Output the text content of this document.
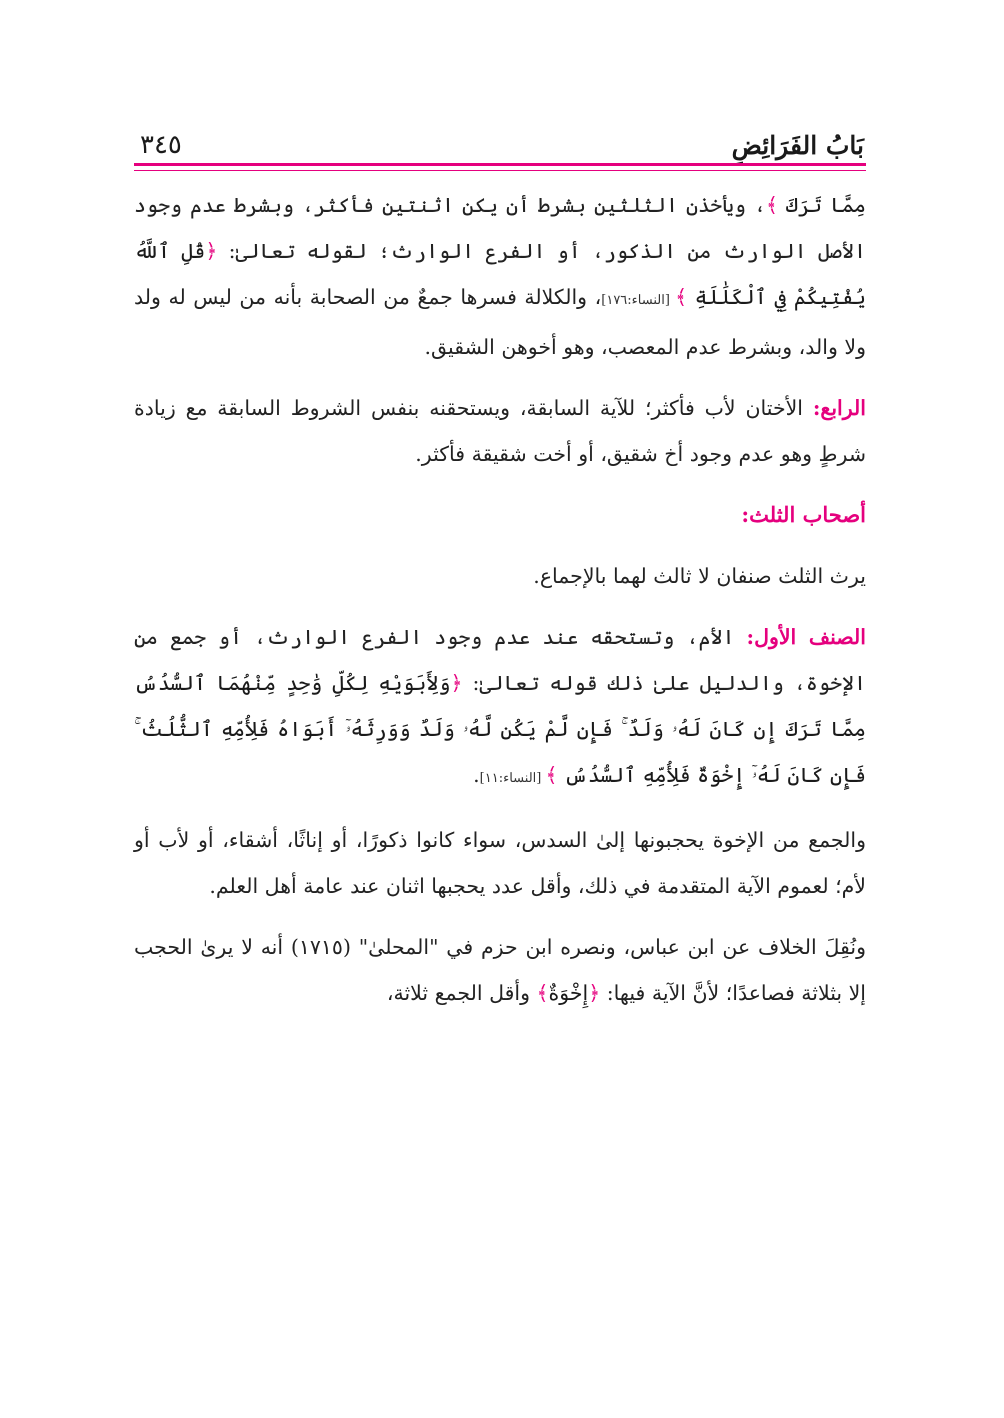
بَابُ الفَرَائِضِ
٣٤٥

مِمَّا تَرَكَ ﴾، ويأخذن الثلثين بشرط أن يكن اثنتين فأكثر، وبشرط عدم وجود الأصل الوارث من الذكور، أو الفرع الوارث؛ لقوله تعالىٰ: ﴿قُلِ ٱللَّهُ يُفْتِيكُمْ فِي ٱلْكَلَٰلَةِ ﴾ [النساء:١٧٦]، والكلالة فسرها جمعٌ من الصحابة بأنه من ليس له ولد ولا والد، وبشرط عدم المعصب، وهو أخوهن الشقيق.

الرابع: الأختان لأب فأكثر؛ للآية السابقة، ويستحقنه بنفس الشروط السابقة مع زيادة شرطٍ وهو عدم وجود أخ شقيق، أو أخت شقيقة فأكثر.

أصحاب الثلث:

يرث الثلث صنفان لا ثالث لهما بالإجماع.

الصنف الأول: الأم، وتستحقه عند عدم وجود الفرع الوارث، أو جمع من الإخوة، والدليل علىٰ ذلك قوله تعالىٰ: ﴿وَلِأَبَوَيْهِ لِكُلِّ وَٰحِدٍ مِّنْهُمَا ٱلسُّدُسُ مِمَّا تَرَكَ إِن كَانَ لَهُۥ وَلَدٌ ۚ فَإِن لَّمْ يَكُن لَّهُۥ وَلَدٌ وَوَرِثَهُۥٓ أَبَوَاهُ فَلِأُمِّهِ ٱلثُّلُثُ ۚ فَإِن كَانَ لَهُۥٓ إِخْوَةٌ فَلِأُمِّهِ ٱلسُّدُسُ ﴾ [النساء:١١].

والجمع من الإخوة يحجبونها إلىٰ السدس، سواء كانوا ذكورًا، أو إناثًا، أشقاء، أو لأب أو لأم؛ لعموم الآية المتقدمة في ذلك، وأقل عدد يحجبها اثنان عند عامة أهل العلم.

ونُقِلَ الخلاف عن ابن عباس، ونصره ابن حزم في "المحلىٰ" (١٧١٥) أنه لا يرىٰ الحجب إلا بثلاثة فصاعدًا؛ لأنَّ الآية فيها: ﴿إِخْوَةٌ﴾ وأقل الجمع ثلاثة،
